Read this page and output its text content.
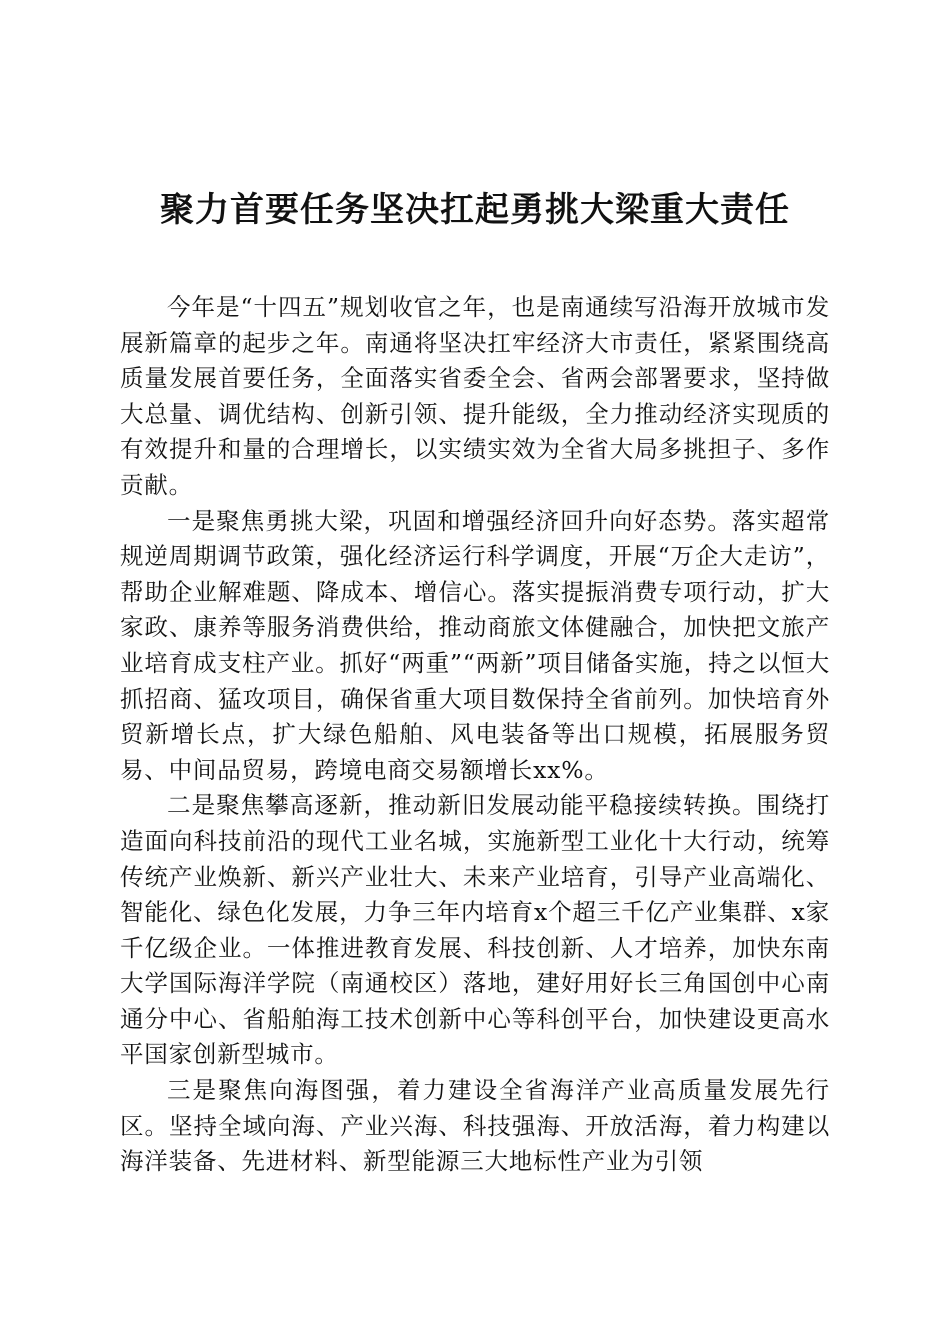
聚力首要任务坚决扛起勇挑大梁重大责任

今年是“十四五”规划收官之年，也是南通续写沿海开放城市发展新篇章的起步之年。南通将坚决扛牢经济大市责任，紧紧围绕高质量发展首要任务，全面落实省委全会、省两会部署要求，坚持做大总量、调优结构、创新引领、提升能级，全力推动经济实现质的有效提升和量的合理增长，以实绩实效为全省大局多挑担子、多作贡献。

一是聚焦勇挑大梁，巩固和增强经济回升向好态势。落实超常规逆周期调节政策，强化经济运行科学调度，开展“万企大走访”，帮助企业解难题、降成本、增信心。落实提振消费专项行动，扩大家政、康养等服务消费供给，推动商旅文体健融合，加快把文旅产业培育成支柱产业。抓好“两重”“两新”项目储备实施，持之以恒大抓招商、猛攻项目，确保省重大项目数保持全省前列。加快培育外贸新增长点，扩大绿色船舶、风电装备等出口规模，拓展服务贸易、中间品贸易，跨境电商交易额增长xx%。

二是聚焦攀高逐新，推动新旧发展动能平稳接续转换。围绕打造面向科技前沿的现代工业名城，实施新型工业化十大行动，统筹传统产业焕新、新兴产业壮大、未来产业培育，引导产业高端化、智能化、绿色化发展，力争三年内培育x个超三千亿产业集群、x家千亿级企业。一体推进教育发展、科技创新、人才培养，加快东南大学国际海洋学院（南通校区）落地，建好用好长三角国创中心南通分中心、省船舶海工技术创新中心等科创平台，加快建设更高水平国家创新型城市。

三是聚焦向海图强，着力建设全省海洋产业高质量发展先行区。坚持全域向海、产业兴海、科技强海、开放活海，着力构建以海洋装备、先进材料、新型能源三大地标性产业为引领
